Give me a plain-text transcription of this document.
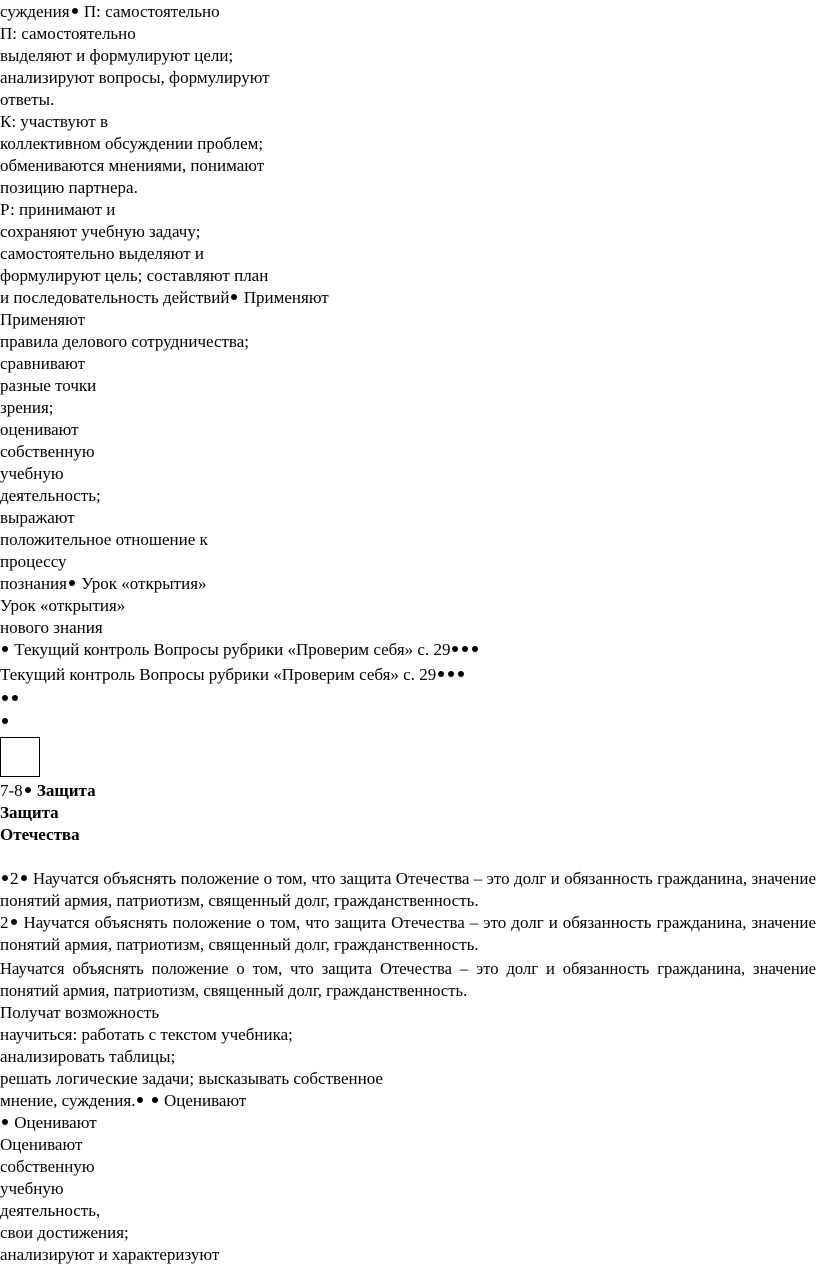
суждения П: самостоятельно
П: самостоятельно
выделяют и формулируют цели;
анализируют вопросы, формулируют
ответы.
К: участвуют в
коллективном обсуждении проблем;
обмениваются мнениями, понимают
позицию партнера.
Р: принимают и
сохраняют учебную задачу;
самостоятельно выделяют и
формулируют цель; составляют план
и последовательность действий Применяют
Применяют
правила делового сотрудничества;
сравнивают
разные точки
зрения;
оценивают
собственную
учебную
деятельность;
выражают
положительное отношение к
процессу
познания Урок «открытия»
Урок «открытия»
нового знания
Текущий контроль Вопросы рубрики «Проверим себя» с. 29
Текущий контроль Вопросы рубрики «Проверим себя» с. 29
7-8 Защита
Защита
Отечества
2 Научатся объяснять положение о том, что защита Отечества – это долг и обязанность гражданина, значение понятий армия, патриотизм, священный долг, гражданственность.
2 Научатся объяснять положение о том, что защита Отечества – это долг и обязанность гражданина, значение понятий армия, патриотизм, священный долг, гражданственность.
Научатся объяснять положение о том, что защита Отечества – это долг и обязанность гражданина, значение понятий армия, патриотизм, священный долг, гражданственность.
Получат возможность
научиться: работать с текстом учебника;
анализировать таблицы;
решать логические задачи; высказывать собственное
мнение, суждения. Оценивают
Оценивают
Оценивают
собственную
учебную
деятельность,
свои достижения;
анализируют и характеризуют
